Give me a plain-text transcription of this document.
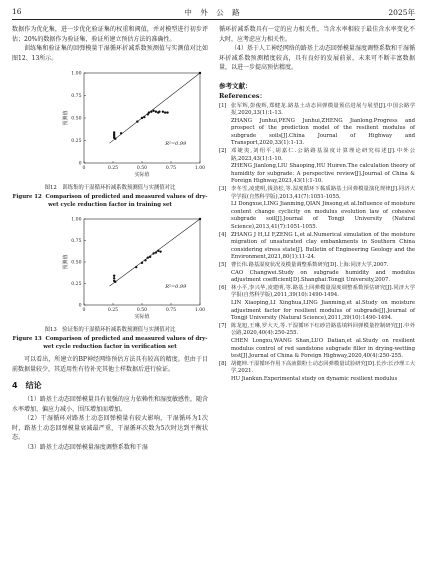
16	中 外 公 路	2025年

数据作为优化集，进一步优化验证集的权重和阈值，并对模型进行初步评估；20%的数据作为验证集，验证所建立预估方法的准确性。

训练集和验证集的回弹模量干湿循环折减系数预测值与实测值对比如图12、13所示。

0	0.25	0.50	0.75	1.00
0
0.25
0.50
0.75
1.00
实际值
预测值
R²=0.99

图12　训练集的干湿循环折减系数预测值与实测值对比

Figure 12 Comparison of predicted and measured values of dry-wet cycle reduction factor in training set

0	0.25	0.50	0.75	1.00
0
0.25
0.50
0.75
1.00
实际值
预测值
R²=0.99

图13　验证集的干湿循环折减系数预测值与实测值对比

Figure 13 Comparison of predicted and measured values of dry-wet cycle reduction factor in verification set

可以看出，所建立的BP神经网络预估方法具有较高的精度。但由于目前数据量较少，其适用性有待补充其他土样数据后进行验证。

4　结论

（1）路基土动态回弹模量具有很强的应力依赖性和湿度敏感性，随含水率增加、偏应力减小、围压增加而增加。

（2）干湿循环对路基土动态回弹模量有较大影响，干湿循环为1次时，路基土动态回弹模量衰减最严重，干湿循环次数为5次时达到平衡状态。

（3）路基土动态回弹模量湿度调整系数和干湿

循环折减系数具有一定的应力相关性，当含水率相较于最佳含水率变化不大时，应考虑应力相关性。

（4）基于人工神经网络的路基土动态回弹模量湿度调整系数和干湿循环折减系数预测精度较高，具有良好的发展前景。未来可不断丰富数据量，以进一步提高预估精度。

参考文献：
References：
[1] 张军辉,彭俊辉,郑健龙.路基土动态回弹模量预估进展与展望[J].中国公路学报,2020,33(1):1-13.
ZHANG Junhui,PENG Junhui,ZHENG Jianlong.Progress and prospect of the prediction model of the resilient modulus of subgrade soils[J].China Journal of Highway and Transport,2020,33(1):1-13.
[2] 邓婕夷,刘绍平,胡嘉仁.公路路基湿度计算理论研究综述[J].中外公路,2023,43(1):1-10.
ZHENG Jianlong,LIU Shaoping,HU Huiren.The calculation theory of humidity for subgrade: A perspective review[J].Journal of China & Foreign Highway,2023,43(1):1-10.
[3] 李冬雪,凌建明,钱劲松,等.湿度循环下黏质路基土回弹模量演化规律[J].同济大学学报(自然科学版),2013,41(7):1051-1055.
LI Dongxue,LING Jianming,QIAN Jinsong,et al.Influence of moisture content change cyclicity on modulus evolution law of cohesive subgrade soil[J].Journal of Tongji University (Natural Science),2013,41(7):1051-1055.
[4] ZHANG J H,LI F,ZENG L,et al.Numerical simulation of the moisture migration of unsaturated clay embankments in Southern China considering stress state[J]. Bulletin of Engineering Geology and the Environment,2021,80(1):11-24.
[5] 曹长伟.路基湿度状况及模量调整系数研究[D].上海:同济大学,2007.
CAO Changwei.Study on subgrade humidity and modulus adjustment coefficient[D].Shanghai:Tongji University,2007.
[6] 林小平,李兴华,凌建明,等.路基土回弹模量湿度调整系数预估研究[J].同济大学学报(自然科学版),2011,39(10):1490-1494.
LIN Xiaoping,LI Xinghua,LING Jianming,et al.Study on moisture adjustment factor for resilient modulus of subgrade[J].Journal of Tongji University (Natural Science),2011,39(10):1490-1494.
[7] 陈龙旭,王琳,罗大天,等.干湿循环下红砂岩路基填料回弹模量控制研究[J].中外公路,2020,40(4):250-255.
CHEN Longxu,WANG Shan,LUO Datian,et al.Study on resilient modulus control of red sandstone subgrade filler in drying-wetting test[J].Journal of China & Foreign Highway,2020,40(4):250-255.
[8] 胡健坤.干湿循环作用下高液限粉土动态回弹模量试验研究[D].长沙:长沙理工大学,2021.
HU Jiankun.Experimental study on dynamic resilient modulus
